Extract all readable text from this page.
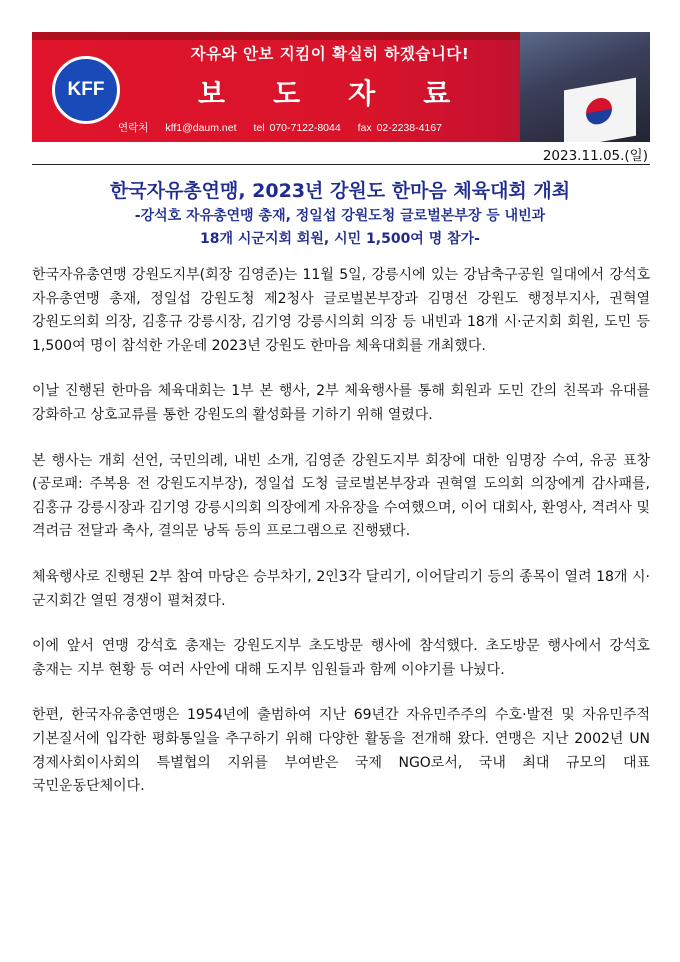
KFF
자유와 안보 지킴이 확실히 하겠습니다!
보 도 자 료
연락처 kff1@daum.net tel 070-7122-8044 fax 02-2238-4167
2023.11.05.(일)
한국자유총연맹, 2023년 강원도 한마음 체육대회 개최
-강석호 자유총연맹 총재, 정일섭 강원도청 글로벌본부장 등 내빈과
18개 시군지회 회원, 시민 1,500여 명 참가-

한국자유총연맹 강원도지부(회장 김영준)는 11월 5일, 강릉시에 있는 강남축구공원 일대에서 강석호 자유총연맹 총재, 정일섭 강원도청 제2청사 글로벌본부장과 김명선 강원도 행정부지사, 권혁열 강원도의회 의장, 김홍규 강릉시장, 김기영 강릉시의회 의장 등 내빈과 18개 시·군지회 회원, 도민 등 1,500여 명이 참석한 가운데 2023년 강원도 한마음 체육대회를 개최했다.

이날 진행된 한마음 체육대회는 1부 본 행사, 2부 체육행사를 통해 회원과 도민 간의 친목과 유대를 강화하고 상호교류를 통한 강원도의 활성화를 기하기 위해 열렸다.

본 행사는 개회 선언, 국민의례, 내빈 소개, 김영준 강원도지부 회장에 대한 임명장 수여, 유공 표창(공로패: 주복용 전 강원도지부장), 정일섭 도청 글로벌본부장과 권혁열 도의회 의장에게 감사패를, 김홍규 강릉시장과 김기영 강릉시의회 의장에게 자유장을 수여했으며, 이어 대회사, 환영사, 격려사 및 격려금 전달과 축사, 결의문 낭독 등의 프로그램으로 진행됐다.

체육행사로 진행된 2부 참여 마당은 승부차기, 2인3각 달리기, 이어달리기 등의 종목이 열려 18개 시·군지회간 열띤 경쟁이 펼쳐졌다.

이에 앞서 연맹 강석호 총재는 강원도지부 초도방문 행사에 참석했다. 초도방문 행사에서 강석호 총재는 지부 현황 등 여러 사안에 대해 도지부 임원들과 함께 이야기를 나눴다.

한편, 한국자유총연맹은 1954년에 출범하여 지난 69년간 자유민주주의 수호·발전 및 자유민주적 기본질서에 입각한 평화통일을 추구하기 위해 다양한 활동을 전개해 왔다. 연맹은 지난 2002년 UN 경제사회이사회의 특별협의 지위를 부여받은 국제 NGO로서, 국내 최대 규모의 대표 국민운동단체이다.
